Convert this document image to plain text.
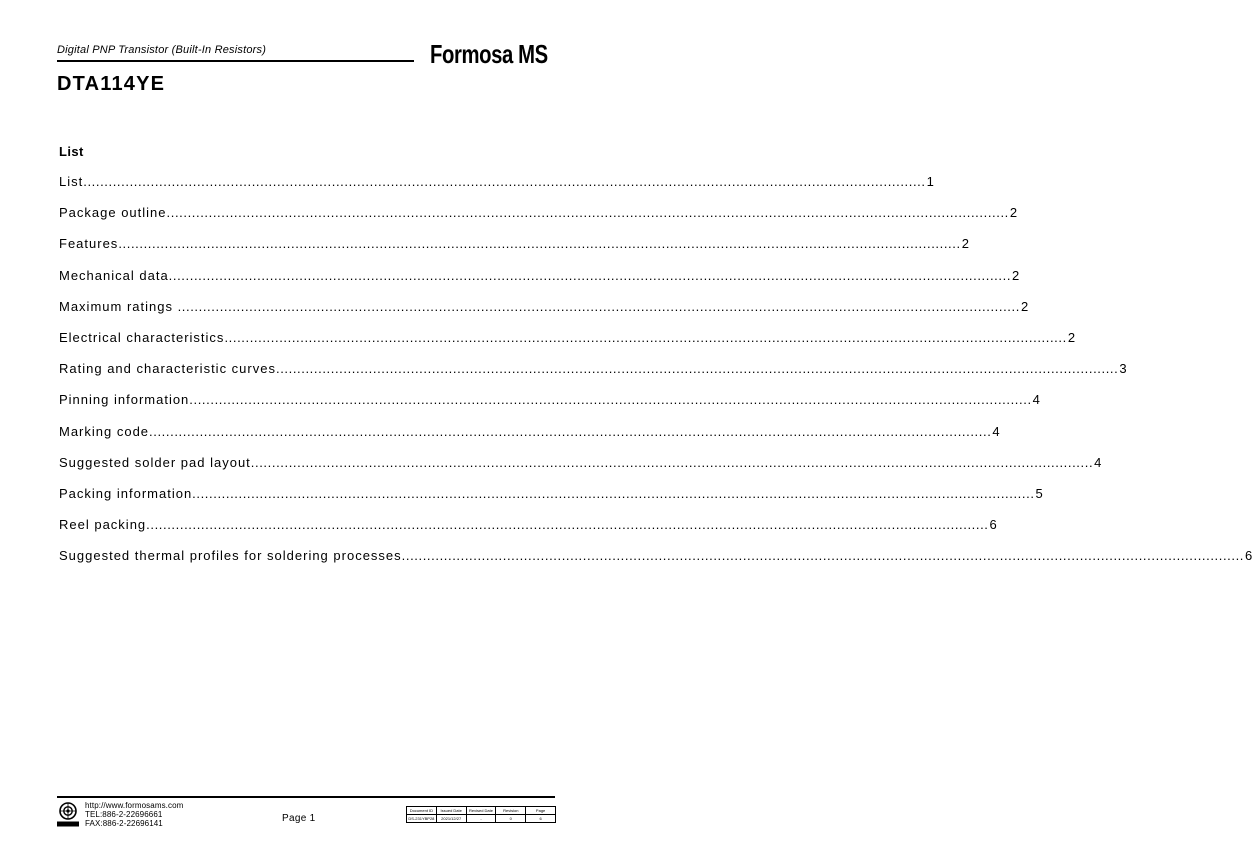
Digital PNP Transistor (Built-In Resistors)	Formosa MS
DTA114YE
List
List ........................................................................................................................................................................................................ 1
Package outline ........................................................................................................................................................................................................ 2
Features ........................................................................................................................................................................................................ 2
Mechanical data ........................................................................................................................................................................................................ 2
Maximum ratings ........................................................................................................................................................................................................ 2
Electrical characteristics ........................................................................................................................................................................................................ 2
Rating and characteristic curves ........................................................................................................................................................................................................ 3
Pinning information ........................................................................................................................................................................................................ 4
Marking code ........................................................................................................................................................................................................ 4
Suggested solder pad layout ........................................................................................................................................................................................................ 4
Packing information ........................................................................................................................................................................................................ 5
Reel packing ........................................................................................................................................................................................................ 6
Suggested thermal profiles for soldering processes ........................................................................................................................................................................................................ 6
http://www.formosams.com
TEL:886-2-22696661
FAX:886-2-22696141	Page 1
Document ID	Issued Date	Revised Date	Revision	Page
DS-231YBP28	2021/12/27	-	0	6
